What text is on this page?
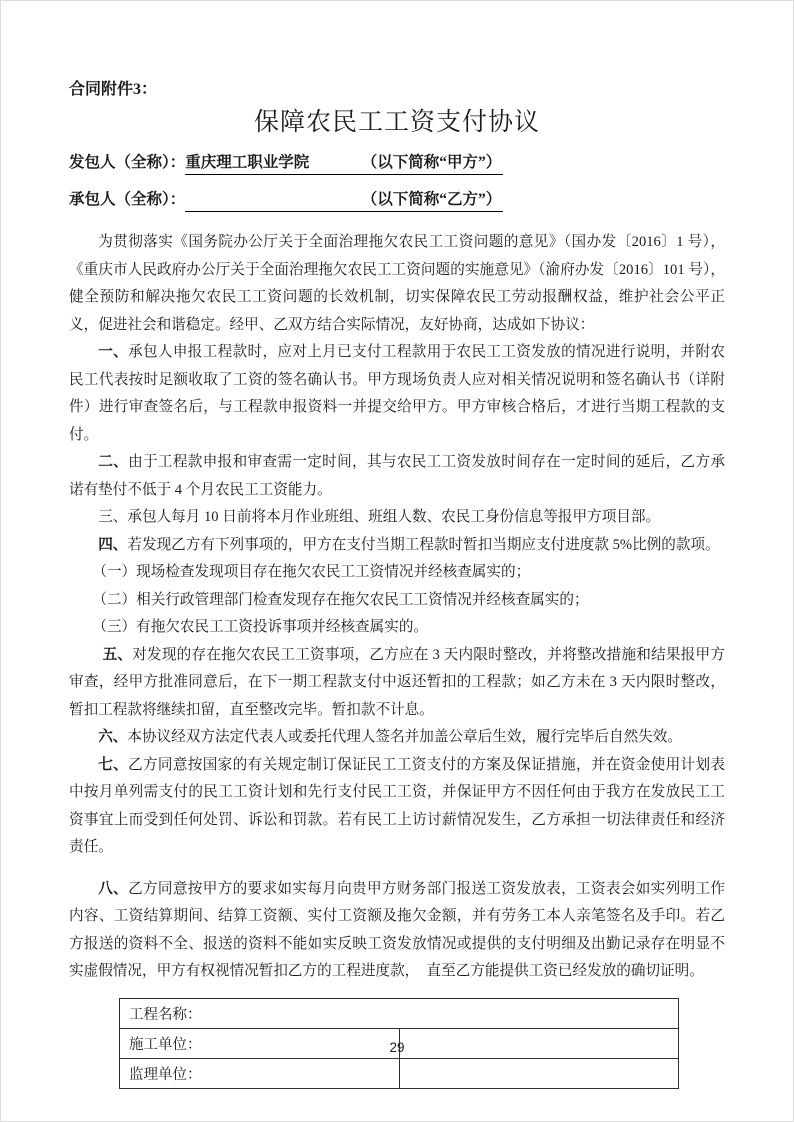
合同附件3：
保障农民工工资支付协议
发包人（全称）： 重庆理工职业学院	（以下简称“甲方”）
承包人（全称）：	（以下简称“乙方”）

为贯彻落实《国务院办公厅关于全面治理拖欠农民工工资问题的意见》（国办发〔2016〕1 号），《重庆市人民政府办公厅关于全面治理拖欠农民工工资问题的实施意见》（渝府办发〔2016〕101 号），健全预防和解决拖欠农民工工资问题的长效机制，切实保障农民工劳动报酬权益，维护社会公平正义，促进社会和谐稳定。经甲、乙双方结合实际情况，友好协商，达成如下协议：

一、承包人申报工程款时，应对上月已支付工程款用于农民工工资发放的情况进行说明，并附农民工代表按时足额收取了工资的签名确认书。甲方现场负责人应对相关情况说明和签名确认书（详附件）进行审查签名后，与工程款申报资料一并提交给甲方。甲方审核合格后，才进行当期工程款的支付。

二、由于工程款申报和审查需一定时间，其与农民工工资发放时间存在一定时间的延后，乙方承诺有垫付不低于 4 个月农民工工资能力。

三、承包人每月 10 日前将本月作业班组、班组人数、农民工身份信息等报甲方项目部。

四、若发现乙方有下列事项的，甲方在支付当期工程款时暂扣当期应支付进度款 5%比例的款项。

（一）现场检查发现项目存在拖欠农民工工资情况并经核查属实的；

（二）相关行政管理部门检查发现存在拖欠农民工工资情况并经核查属实的；

（三）有拖欠农民工工资投诉事项并经核查属实的。

五、对发现的存在拖欠农民工工资事项，乙方应在 3 天内限时整改，并将整改措施和结果报甲方审查，经甲方批准同意后，在下一期工程款支付中返还暂扣的工程款；如乙方未在 3 天内限时整改，暂扣工程款将继续扣留，直至整改完毕。暂扣款不计息。

六、本协议经双方法定代表人或委托代理人签名并加盖公章后生效，履行完毕后自然失效。

七、乙方同意按国家的有关规定制订保证民工工资支付的方案及保证措施，并在资金使用计划表中按月单列需支付的民工工资计划和先行支付民工工资，并保证甲方不因任何由于我方在发放民工工资事宜上而受到任何处罚、诉讼和罚款。若有民工上访讨薪情况发生，乙方承担一切法律责任和经济责任。

八、乙方同意按甲方的要求如实每月向贵甲方财务部门报送工资发放表，工资表会如实列明工作内容、工资结算期间、结算工资额、实付工资额及拖欠金额，并有劳务工本人亲笔签名及手印。若乙方报送的资料不全、报送的资料不能如实反映工资发放情况或提供的支付明细及出勤记录存在明显不实虚假情况，甲方有权视情况暂扣乙方的工程进度款，　直至乙方能提供工资已经发放的确切证明。

工程名称：	
施工单位：	
监理单位：	
29
